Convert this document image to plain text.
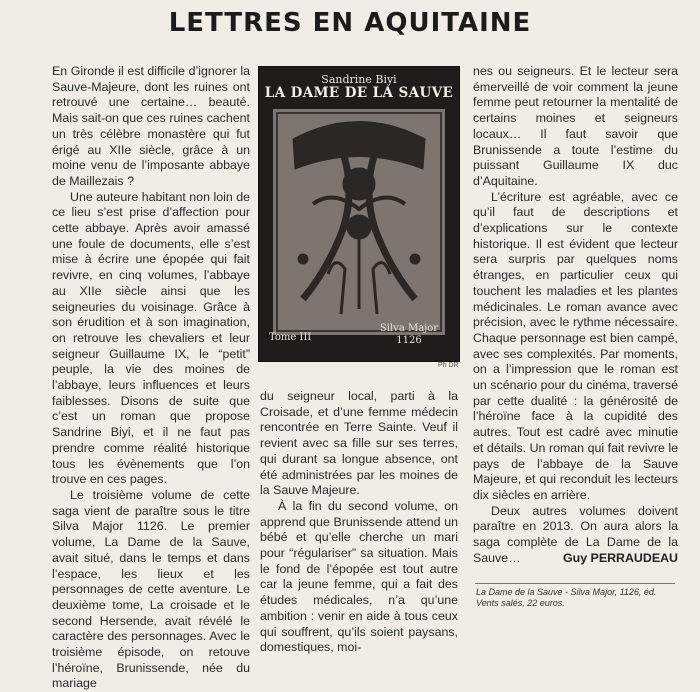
LETTRES EN AQUITAINE

En Gironde il est difficile d’ignorer la Sauve-Majeure, dont les ruines ont retrouvé une certaine… beauté. Mais sait-on que ces ruines cachent un très célèbre monastère qui fut érigé au XIIe siècle, grâce à un moine venu de l’imposante abbaye de Maillezais ?

Une auteure habitant non loin de ce lieu s’est prise d’affection pour cette abbaye. Après avoir amassé une foule de documents, elle s’est mise à écrire une épopée qui fait revivre, en cinq volumes, l’abbaye au XIIe siècle ainsi que les seigneuries du voisinage. Grâce à son érudition et à son imagination, on retrouve les chevaliers et leur seigneur Guillaume IX, le “petit” peuple, la vie des moines de l’abbaye, leurs influences et leurs faiblesses. Disons de suite que c’est un roman que propose Sandrine Biyi, et il ne faut pas prendre comme réalité historique tous les évènements que l’on trouve en ces pages.

Le troisième volume de cette saga vient de paraître sous le titre Silva Major 1126. Le premier volume, La Dame de la Sauve, avait situé, dans le temps et dans l’espace, les lieux et les personnages de cette aventure. Le deuxième tome, La croisade et le second Hersende, avait révélé le caractère des personnages. Avec le troisième épisode, on retouve l’héroïne, Brunissende, née du mariage

Sandrine Biyi
LA DAME DE LA SAUVE
Tome III
Silva Major
1126
Ph DR

du seigneur local, parti à la Croisade, et d’une femme médecin rencontrée en Terre Sainte. Veuf il revient avec sa fille sur ses terres, qui durant sa longue absence, ont été administrées par les moines de la Sauve Majeure.

À la fin du second volume, on apprend que Brunissende attend un bébé et qu’elle cherche un mari pour “régulariser” sa situation. Mais le fond de l’épopée est tout autre car la jeune femme, qui a fait des études médicales, n’a qu’une ambition : venir en aide à tous ceux qui souffrent, qu’ils soient paysans, domestiques, moi-

nes ou seigneurs. Et le lecteur sera émerveillé de voir comment la jeune femme peut retourner la mentalité de certains moines et seigneurs locaux… Il faut savoir que Brunissende a toute l’estime du puissant Guillaume IX duc d’Aquitaine.

L’écriture est agréable, avec ce qu’il faut de descriptions et d’explications sur le contexte historique. Il est évident que lecteur sera surpris par quelques noms étranges, en particulier ceux qui touchent les maladies et les plantes médicinales. Le roman avance avec précision, avec le rythme nécessaire. Chaque personnage est bien campé, avec ses complexités. Par moments, on a l’impression que le roman est un scénario pour du cinéma, traversé par cette dualité : la générosité de l’héroïne face à la cupidité des autres. Tout est cadré avec minutie et détails. Un roman qui fait revivre le pays de l’abbaye de la Sauve Majeure, et qui reconduit les lecteurs dix siècles en arrière.

Deux autres volumes doivent paraître en 2013. On aura alors la saga complète de La Dame de la Sauve…	Guy PERRAUDEAU
La Dame de la Sauve - Silva Major, 1126, éd.
Vents salés, 22 euros.
